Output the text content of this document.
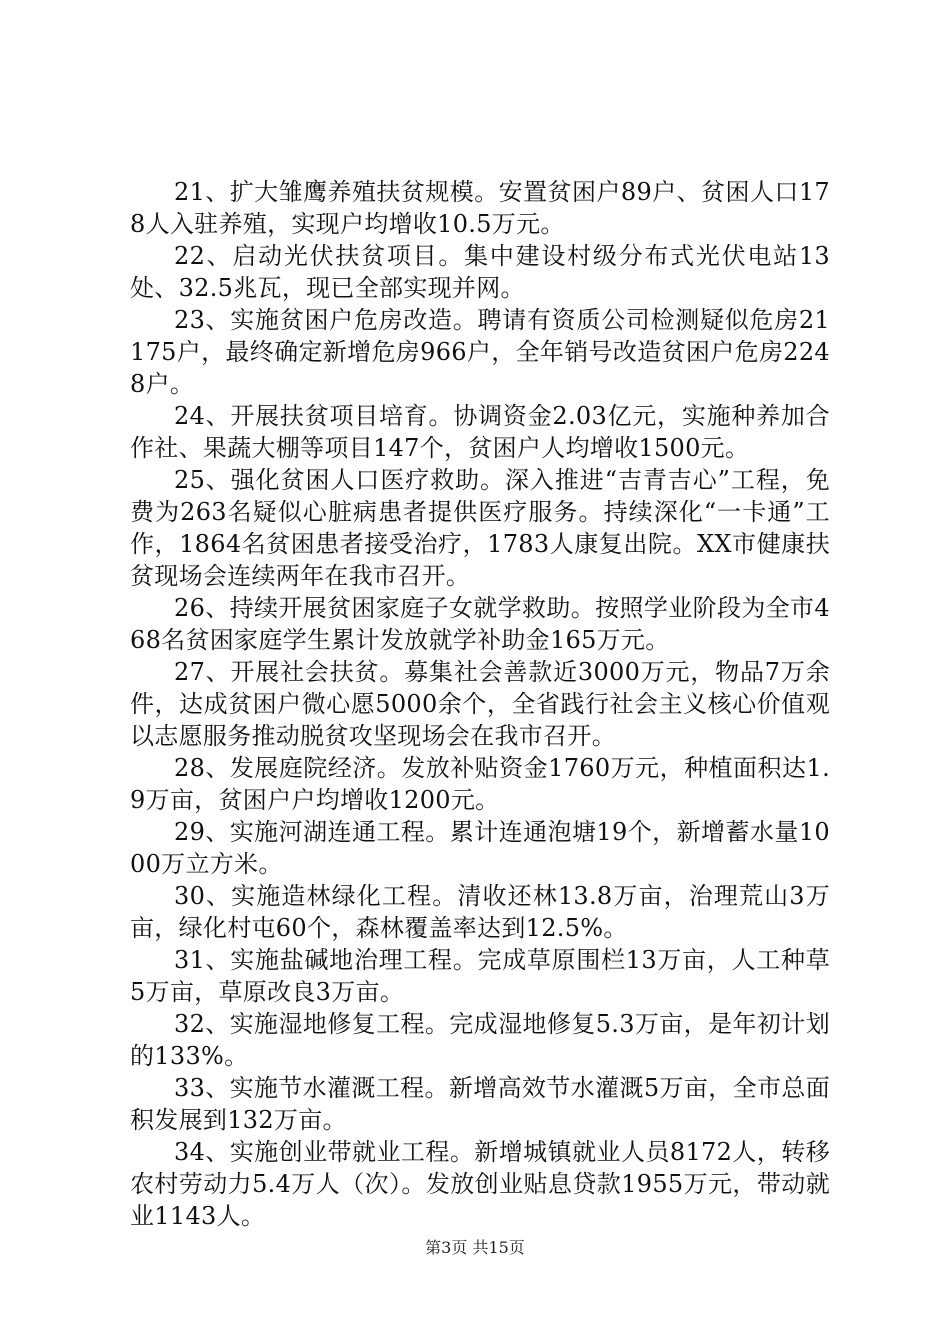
21、扩大雏鹰养殖扶贫规模。安置贫困户89户、贫困人口178人入驻养殖，实现户均增收10.5万元。

22、启动光伏扶贫项目。集中建设村级分布式光伏电站13处、32.5兆瓦，现已全部实现并网。

23、实施贫困户危房改造。聘请有资质公司检测疑似危房21175户，最终确定新增危房966户，全年销号改造贫困户危房2248户。

24、开展扶贫项目培育。协调资金2.03亿元，实施种养加合作社、果蔬大棚等项目147个，贫困户人均增收1500元。

25、强化贫困人口医疗救助。深入推进“吉青吉心”工程，免费为263名疑似心脏病患者提供医疗服务。持续深化“一卡通”工作，1864名贫困患者接受治疗，1783人康复出院。XX市健康扶贫现场会连续两年在我市召开。

26、持续开展贫困家庭子女就学救助。按照学业阶段为全市468名贫困家庭学生累计发放就学补助金165万元。

27、开展社会扶贫。募集社会善款近3000万元，物品7万余件，达成贫困户微心愿5000余个，全省践行社会主义核心价值观以志愿服务推动脱贫攻坚现场会在我市召开。

28、发展庭院经济。发放补贴资金1760万元，种植面积达1.9万亩，贫困户户均增收1200元。

29、实施河湖连通工程。累计连通泡塘19个，新增蓄水量1000万立方米。

30、实施造林绿化工程。清收还林13.8万亩，治理荒山3万亩，绿化村屯60个，森林覆盖率达到12.5%。

31、实施盐碱地治理工程。完成草原围栏13万亩，人工种草5万亩，草原改良3万亩。

32、实施湿地修复工程。完成湿地修复5.3万亩，是年初计划的133%。

33、实施节水灌溉工程。新增高效节水灌溉5万亩，全市总面积发展到132万亩。

34、实施创业带就业工程。新增城镇就业人员8172人，转移农村劳动力5.4万人（次）。发放创业贴息贷款1955万元，带动就业1143人。

第3页 共15页
